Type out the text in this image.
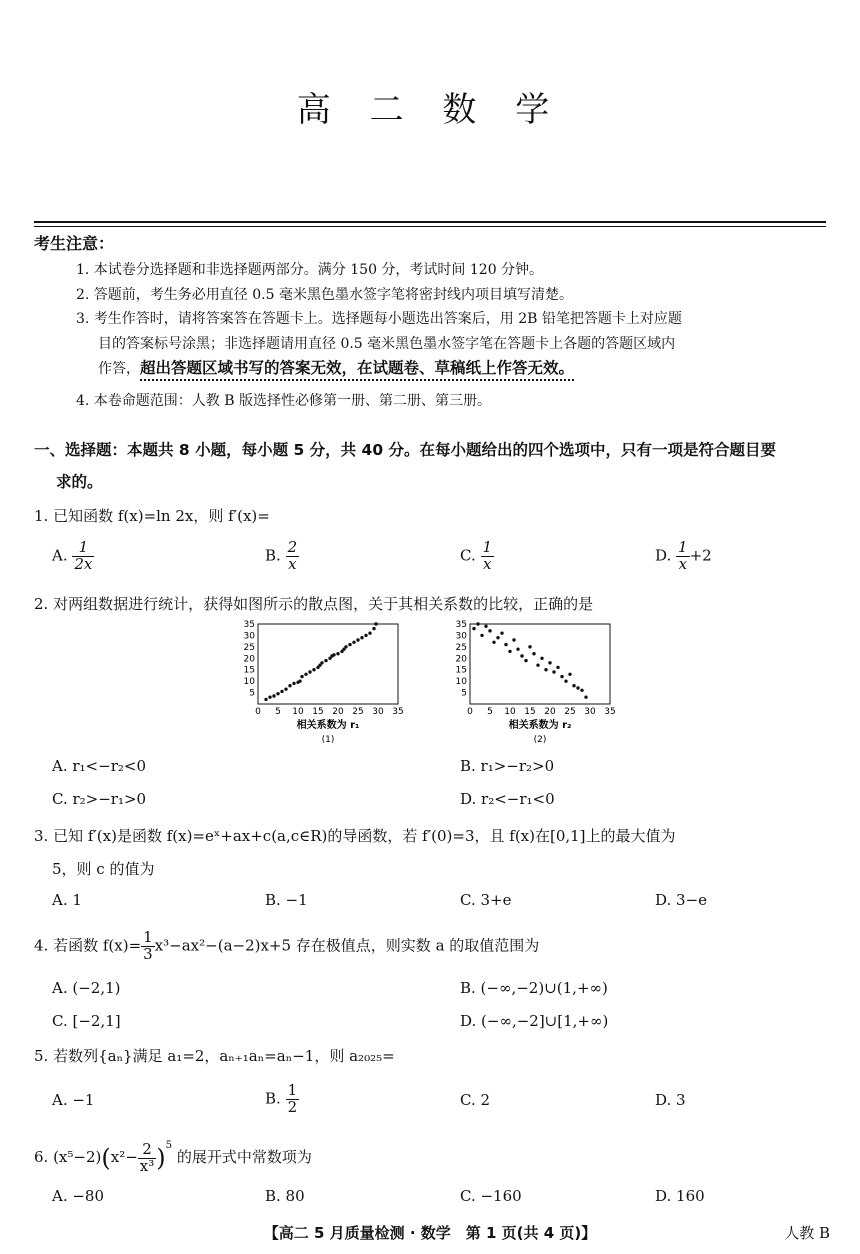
高 二 数 学
考生注意：
1. 本试卷分选择题和非选择题两部分。满分 150 分，考试时间 120 分钟。
2. 答题前，考生务必用直径 0.5 毫米黑色墨水签字笔将密封线内项目填写清楚。
3. 考生作答时，请将答案答在答题卡上。选择题每小题选出答案后，用 2B 铅笔把答题卡上对应题
目的答案标号涂黑；非选择题请用直径 0.5 毫米黑色墨水签字笔在答题卡上各题的答题区域内
作答，超出答题区域书写的答案无效，在试题卷、草稿纸上作答无效。
4. 本卷命题范围：人教 B 版选择性必修第一册、第二册、第三册。
一、选择题：本题共 8 小题，每小题 5 分，共 40 分。在每小题给出的四个选项中，只有一项是符合题目要
求的。
1. 已知函数 f(x)=ln 2x，则 f′(x)=
A. $\frac{1}{2x}$	B. $\frac{2}{x}$	C. $\frac{1}{x}$	D. $\frac{1}{x} +2$
2. 对两组数据进行统计，获得如图所示的散点图，关于其相关系数的比较，正确的是
0 5 10 15 20 25 30 35
5
10
15
20
25
30
35
相关系数为 r₁
(1)
0 5 10 15 20 25 30 35
5
10
15
20
25
30
35
相关系数为 r₂
(2)
A. r₁<−r₂<0	B. r₁>−r₂>0
C. r₂>−r₁>0	D. r₂<−r₁<0
3. 已知 f′(x)是函数 f(x)=eˣ+ax+c(a,c∈R)的导函数，若 f′(0)=3，且 f(x)在[0,1]上的最大值为
5，则 c 的值为
A. 1	B. −1	C. 3+e	D. 3−e
4. 若函数 $f(x)= \frac{1}{3} x^3-ax^2-(a-2)x+5$ 存在极值点，则实数 a 的取值范围为
A. (−2,1)	B. (−∞,−2)∪(1,+∞)
C. [−2,1]	D. (−∞,−2]∪[1,+∞)
5. 若数列{aₙ}满足 a₁=2，aₙ₊₁aₙ=aₙ−1，则 a₂₀₂₅=
A. −1	B. $\frac{1}{2}$	C. 2	D. 3
6. $(x^5-2)(x^2- \frac{2}{\text{x³}} )^5$ 的展开式中常数项为
A. −80	B. 80	C. −160	D. 160
【高二 5 月质量检测 · 数学　第 1 页(共 4 页)】	人教 B
